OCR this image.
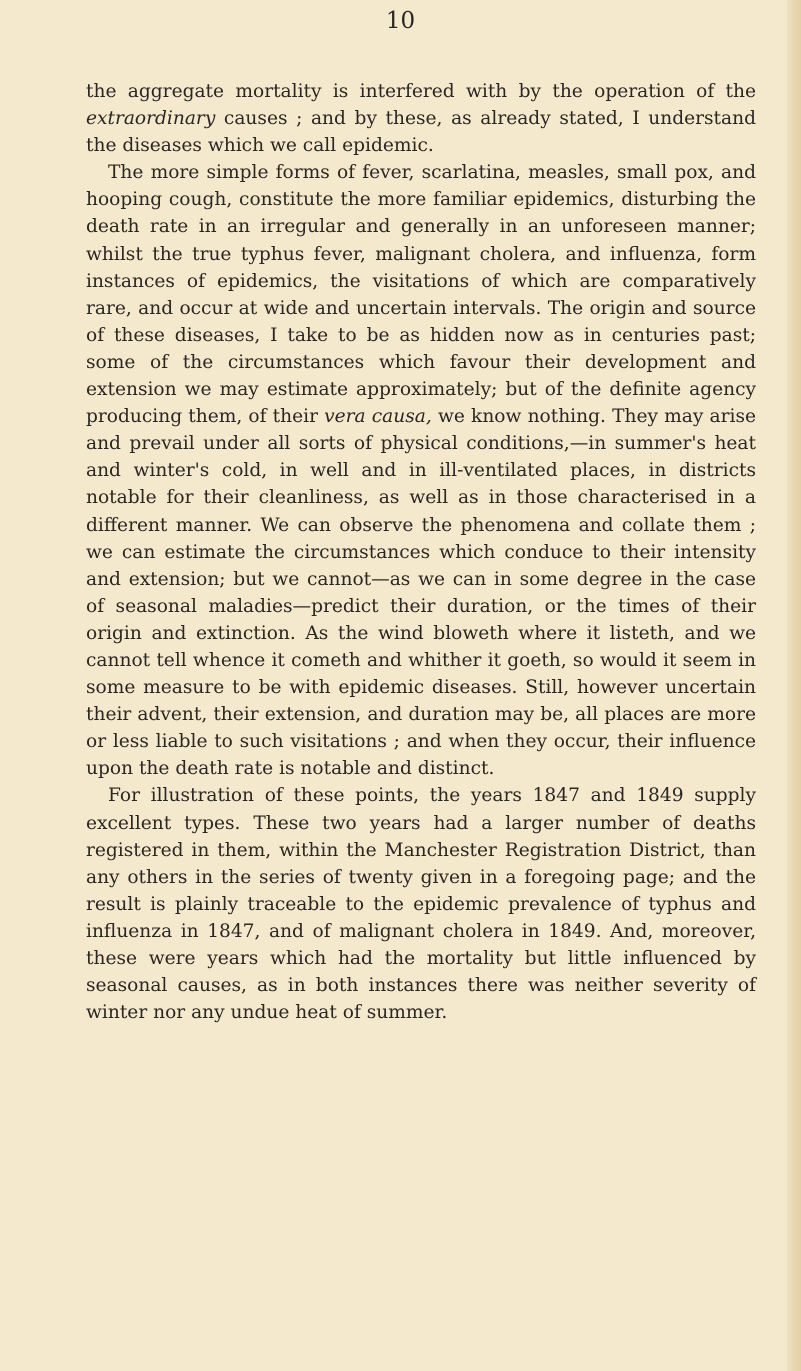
10

the aggregate mortality is interfered with by the operation of the extraordinary causes ; and by these, as already stated, I understand the diseases which we call epidemic.

The more simple forms of fever, scarlatina, measles, small pox, and hooping cough, constitute the more familiar epidemics, disturbing the death rate in an irregular and generally in an unforeseen manner; whilst the true typhus fever, malignant cholera, and influenza, form instances of epidemics, the visitations of which are comparatively rare, and occur at wide and uncertain intervals. The origin and source of these diseases, I take to be as hidden now as in centuries past; some of the circumstances which favour their development and extension we may estimate approximately; but of the definite agency producing them, of their vera causa, we know nothing. They may arise and prevail under all sorts of physical conditions,—in summer's heat and winter's cold, in well and in ill-ventilated places, in districts notable for their cleanliness, as well as in those characterised in a different manner. We can observe the phenomena and collate them ; we can estimate the circumstances which conduce to their intensity and extension; but we cannot—as we can in some degree in the case of seasonal maladies—predict their duration, or the times of their origin and extinction. As the wind bloweth where it listeth, and we cannot tell whence it cometh and whither it goeth, so would it seem in some measure to be with epidemic diseases. Still, however uncertain their advent, their extension, and duration may be, all places are more or less liable to such visitations ; and when they occur, their influence upon the death rate is notable and distinct.

For illustration of these points, the years 1847 and 1849 supply excellent types. These two years had a larger number of deaths registered in them, within the Manchester Registration District, than any others in the series of twenty given in a foregoing page; and the result is plainly traceable to the epidemic prevalence of typhus and influenza in 1847, and of malignant cholera in 1849. And, moreover, these were years which had the mortality but little influenced by seasonal causes, as in both instances there was neither severity of winter nor any undue heat of summer.
